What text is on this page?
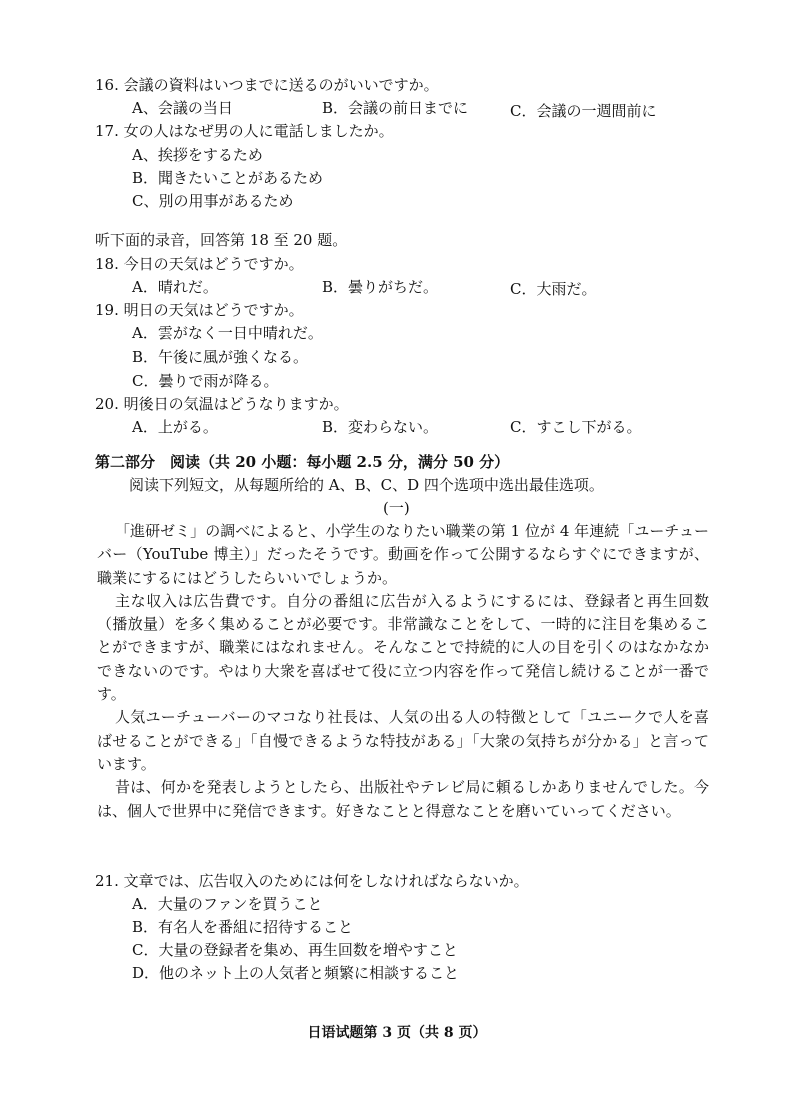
16. 会議の資料はいつまでに送るのがいいですか。
A、会議の当日	B．会議の前日までに	C．会議の一週間前に
17. 女の人はなぜ男の人に電話しましたか。
A、挨拶をするため
B．聞きたいことがあるため
C、別の用事があるため
听下面的录音，回答第 18 至 20 题。
18. 今日の天気はどうですか。
A．晴れだ。	B．曇りがちだ。	C．大雨だ。
19. 明日の天気はどうですか。
A．雲がなく一日中晴れだ。
B．午後に風が強くなる。
C．曇りで雨が降る。
20. 明後日の気温はどうなりますか。
A．上がる。	B．変わらない。	C．すこし下がる。
第二部分　阅读（共 20 小题：每小题 2.5 分，满分 50 分）
阅读下列短文，从每题所给的 A、B、C、D 四个选项中选出最佳选项。
(一)

「進研ゼミ」の調べによると、小学生のなりたい職業の第 1 位が 4 年連続「ユーチューバー（YouTube 博主）」だったそうです。動画を作って公開するならすぐにできますが、職業にするにはどうしたらいいでしょうか。

主な収入は広告費です。自分の番組に広告が入るようにするには、登録者と再生回数（播放量）を多く集めることが必要です。非常識なことをして、一時的に注目を集めることができますが、職業にはなれません。そんなことで持続的に人の目を引くのはなかなかできないのです。やはり大衆を喜ばせて役に立つ内容を作って発信し続けることが一番です。

人気ユーチューバーのマコなり社長は、人気の出る人の特徴として「ユニークで人を喜ばせることができる」「自慢できるような特技がある」「大衆の気持ちが分かる」と言っています。

昔は、何かを発表しようとしたら、出版社やテレビ局に頼るしかありませんでした。今は、個人で世界中に発信できます。好きなことと得意なことを磨いていってください。

21. 文章では、広告収入のためには何をしなければならないか。
A．大量のファンを買うこと
B．有名人を番組に招待すること
C．大量の登録者を集め、再生回数を増やすこと
D．他のネット上の人気者と頻繁に相談すること
日语试题第 3 页（共 8 页）
